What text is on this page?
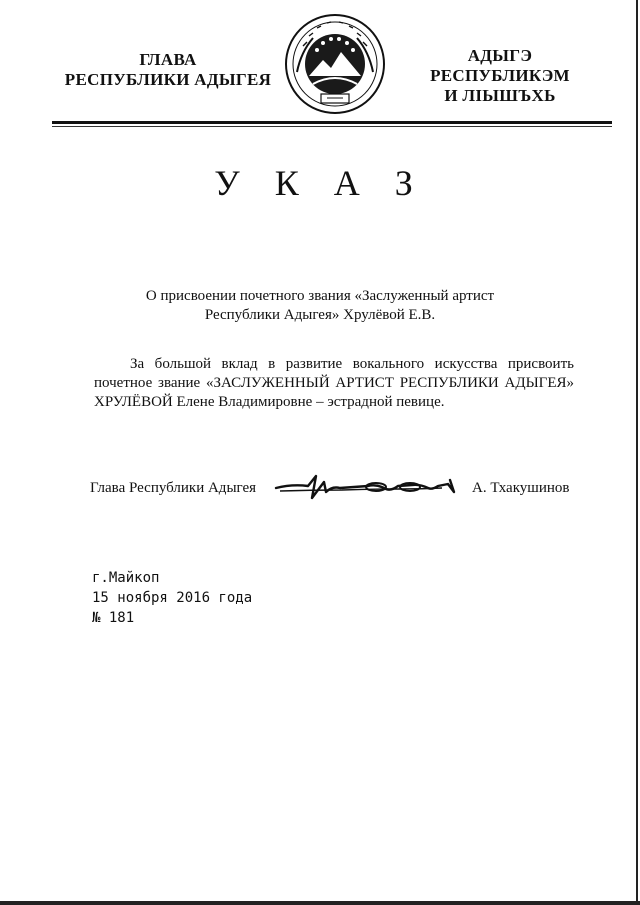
ГЛАВА
РЕСПУБЛИКИ АДЫГЕЯ
АДЫГЭ РЕСПУБЛИКЭМ
И ЛІЫШЪХЬ
У К А З
О присвоении почетного звания «Заслуженный артист
Республики Адыгея» Хрулёвой Е.В.

За большой вклад в развитие вокального искусства присвоить почетное звание «ЗАСЛУЖЕННЫЙ АРТИСТ РЕСПУБЛИКИ АДЫГЕЯ» ХРУЛЁВОЙ Елене Владимировне – эстрадной певице.

Глава Республики Адыгея	А. Тхакушинов
г.Майкоп
15 ноября 2016 года
№ 181
